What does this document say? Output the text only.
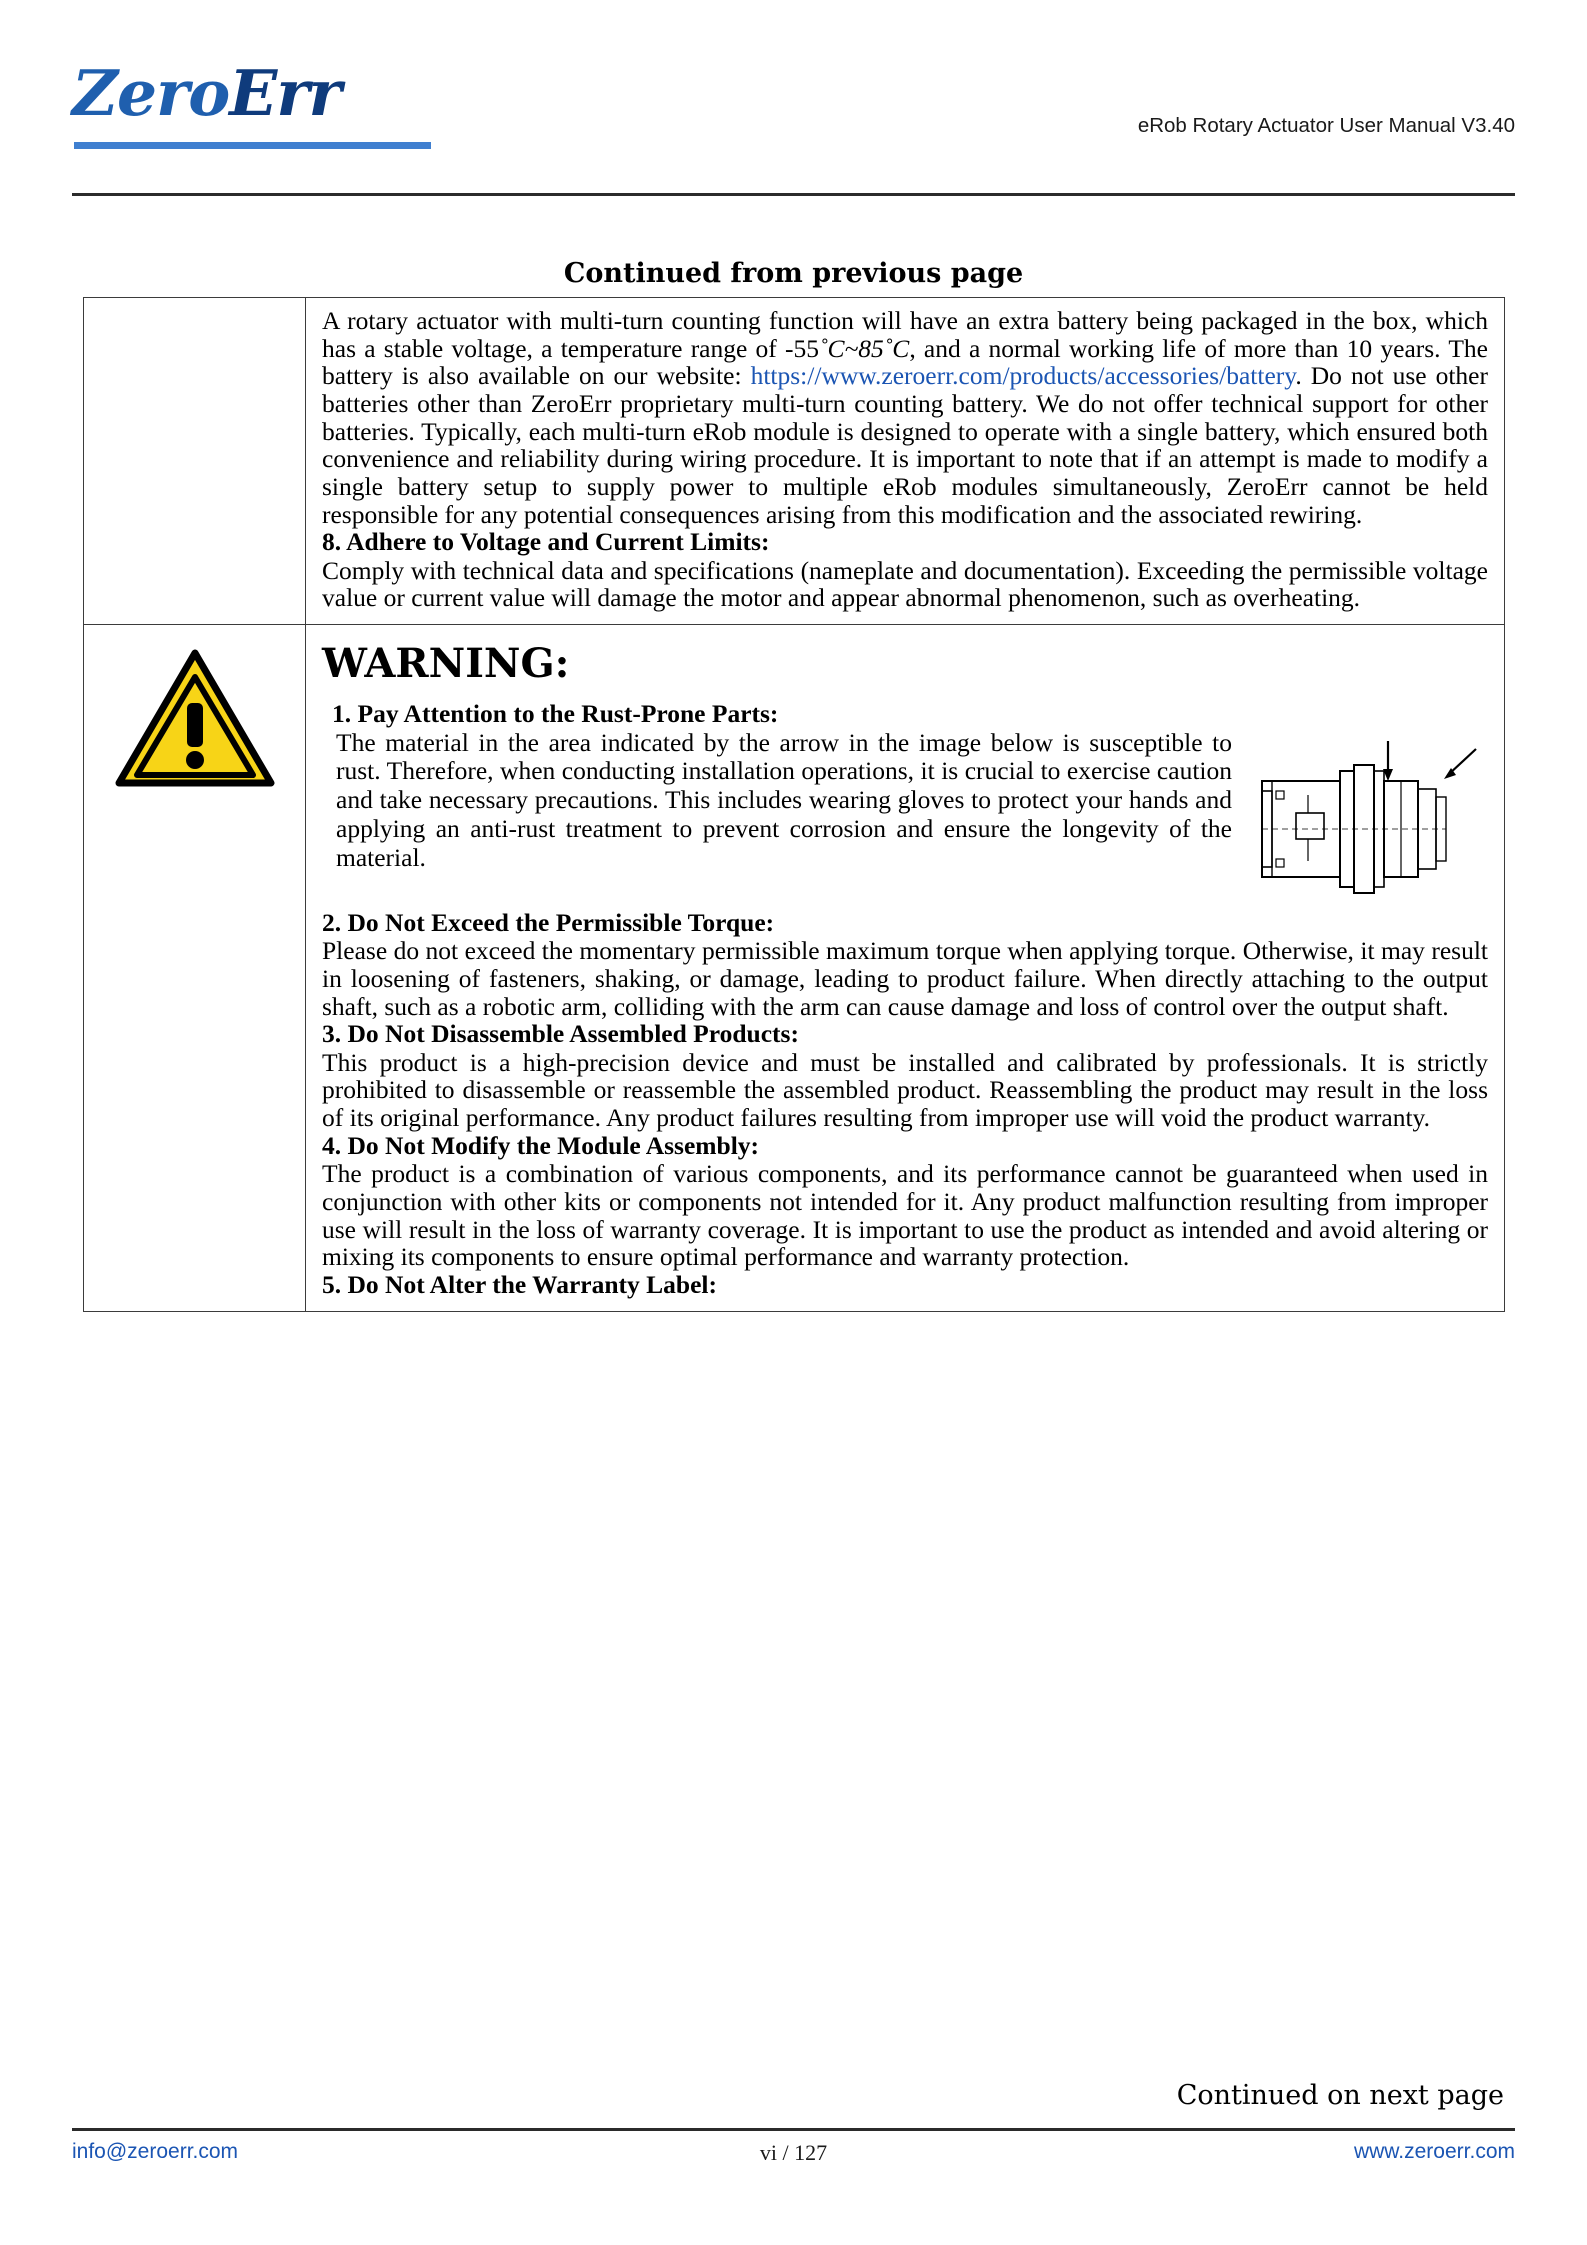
ZeroErr	eRob Rotary Actuator User Manual V3.40
Continued from previous page

A rotary actuator with multi-turn counting function will have an extra battery being packaged in the box, which has a stable voltage, a temperature range of -55˚C~85˚C, and a normal working life of more than 10 years. The battery is also available on our website: https://www.zeroerr.com/products/accessories/battery. Do not use other batteries other than ZeroErr proprietary multi-turn counting battery. We do not offer technical support for other batteries. Typically, each multi-turn eRob module is designed to operate with a single battery, which ensured both convenience and reliability during wiring procedure. It is important to note that if an attempt is made to modify a single battery setup to supply power to multiple eRob modules simultaneously, ZeroErr cannot be held responsible for any potential consequences arising from this modification and the associated rewiring.

8. Adhere to Voltage and Current Limits:

Comply with technical data and specifications (nameplate and documentation). Exceeding the permissible voltage value or current value will damage the motor and appear abnormal phenomenon, such as overheating.

WARNING:

1. Pay Attention to the Rust-Prone Parts:

The material in the area indicated by the arrow in the image below is susceptible to rust. Therefore, when conducting installation operations, it is crucial to exercise caution and take necessary precautions. This includes wearing gloves to protect your hands and applying an anti-rust treatment to prevent corrosion and ensure the longevity of the material.

2. Do Not Exceed the Permissible Torque:

Please do not exceed the momentary permissible maximum torque when applying torque. Otherwise, it may result in loosening of fasteners, shaking, or damage, leading to product failure. When directly attaching to the output shaft, such as a robotic arm, colliding with the arm can cause damage and loss of control over the output shaft.

3. Do Not Disassemble Assembled Products:

This product is a high-precision device and must be installed and calibrated by professionals. It is strictly prohibited to disassemble or reassemble the assembled product. Reassembling the product may result in the loss of its original performance. Any product failures resulting from improper use will void the product warranty.

4. Do Not Modify the Module Assembly:

The product is a combination of various components, and its performance cannot be guaranteed when used in conjunction with other kits or components not intended for it. Any product malfunction resulting from improper use will result in the loss of warranty coverage. It is important to use the product as intended and avoid altering or mixing its components to ensure optimal performance and warranty protection.

5. Do Not Alter the Warranty Label:

Continued on next page
info@zeroerr.com	vi / 127	www.zeroerr.com
